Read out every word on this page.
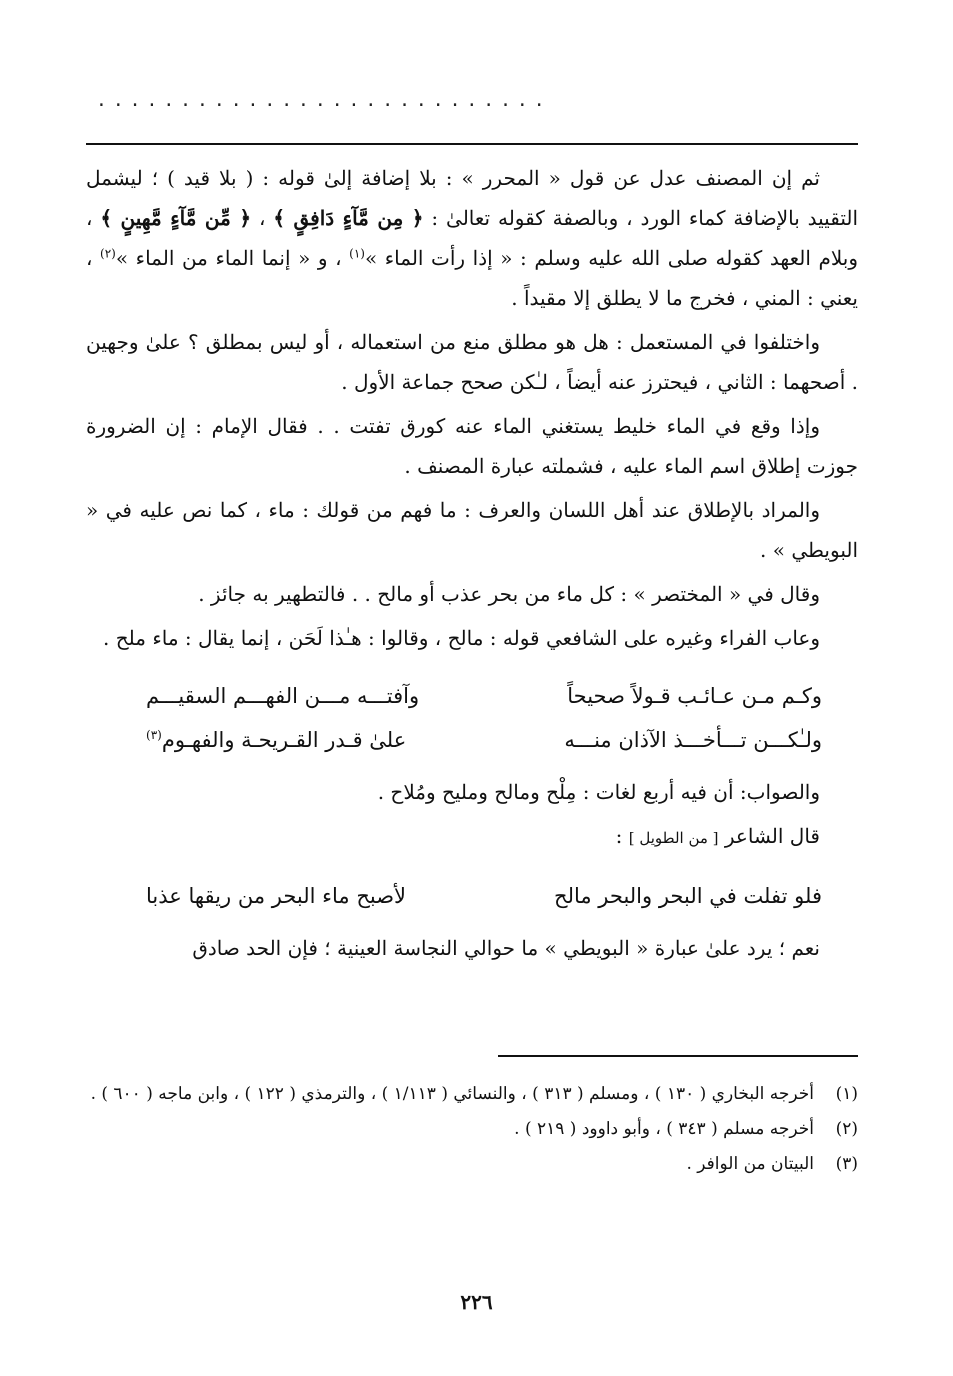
...........................

ثم إن المصنف عدل عن قول « المحرر » : بلا إضافة إلىٰ قوله : ( بلا قيد ) ؛ ليشمل التقييد بالإضافة كماء الورد ، وبالصفة كقوله تعالىٰ : ﴿ مِن مَّآءٍ دَافِقٍ ﴾ ، ﴿ مِّن مَّآءٍ مَّهِينٍ ﴾ ، وبلام العهد كقوله صلى الله عليه وسلم : « إذا رأت الماء »$^{(١)}$ ، و « إنما الماء من الماء »$^{(٢)}$ ، يعني : المني ، فخرج ما لا يطلق إلا مقيداً .

واختلفوا في المستعمل : هل هو مطلق منع من استعماله ، أو ليس بمطلق ؟ علىٰ وجهين . أصحهما : الثاني ، فيحترز عنه أيضاً ، لـٰكن صحح جماعة الأول .

وإذا وقع في الماء خليط يستغني الماء عنه كورق تفتت . . فقال الإمام : إن الضرورة جوزت إطلاق اسم الماء عليه ، فشملته عبارة المصنف .

والمراد بالإطلاق عند أهل اللسان والعرف : ما فهم من قولك : ماء ، كما نص عليه في « البويطي » .

وقال في « المختصر » : كل ماء من بحر عذب أو مالح . . فالتطهير به جائز .

وعاب الفراء وغيره على الشافعي قوله : مالح ، وقالوا : هـٰذا لَحَن ، إنما يقال : ماء ملح .

وكـم مـن عـائـب قـولاً صحيحاً
وآفتـــه مـــن الفهـــم السقيـــم
ولـٰكـــن تـــأخـــذ الآذان منـــه
علىٰ قـدر القـريحـة والفهـوم$^{(٣)}$

والصواب: أن فيه أربع لغات : مِلْح ومالح ومليح ومُلاح .

قال الشاعر [ من الطويل ] :

فلو تفلت في البحر والبحر مالح
لأصبح ماء البحر من ريقها عذبا

نعم ؛ يرد علىٰ عبارة « البويطي » ما حوالي النجاسة العينية ؛ فإن الحد صادق

(١)
أخرجه البخاري ( ١٣٠ ) ، ومسلم ( ٣١٣ ) ، والنسائي ( ١/١١٣ ) ، والترمذي ( ١٢٢ ) ، وابن ماجه ( ٦٠٠ ) .
(٢)
أخرجه مسلم ( ٣٤٣ ) ، وأبو داوود ( ٢١٩ ) .
(٣)
البيتان من الوافر .
٢٢٦
